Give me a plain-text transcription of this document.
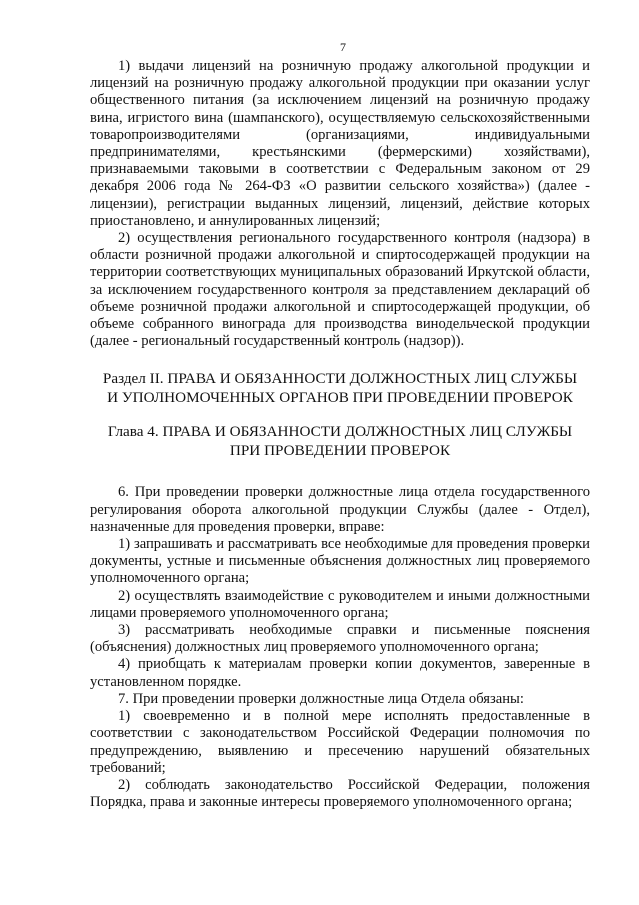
7

1) выдачи лицензий на розничную продажу алкогольной продукции и лицензий на розничную продажу алкогольной продукции при оказании услуг общественного питания (за исключением лицензий на розничную продажу вина, игристого вина (шампанского), осуществляемую сельскохозяйственными товаропроизводителями (организациями, индивидуальными предпринимателями, крестьянскими (фермерскими) хозяйствами), признаваемыми таковыми в соответствии с Федеральным законом от 29 декабря 2006 года № 264-ФЗ «О развитии сельского хозяйства») (далее - лицензии), регистрации выданных лицензий, лицензий, действие которых приостановлено, и аннулированных лицензий;

2) осуществления регионального государственного контроля (надзора) в области розничной продажи алкогольной и спиртосодержащей продукции на территории соответствующих муниципальных образований Иркутской области, за исключением государственного контроля за представлением деклараций об объеме розничной продажи алкогольной и спиртосодержащей продукции, об объеме собранного винограда для производства винодельческой продукции (далее - региональный государственный контроль (надзор)).

Раздел II. ПРАВА И ОБЯЗАННОСТИ ДОЛЖНОСТНЫХ ЛИЦ СЛУЖБЫ И УПОЛНОМОЧЕННЫХ ОРГАНОВ ПРИ ПРОВЕДЕНИИ ПРОВЕРОК
Глава 4. ПРАВА И ОБЯЗАННОСТИ ДОЛЖНОСТНЫХ ЛИЦ СЛУЖБЫ ПРИ ПРОВЕДЕНИИ ПРОВЕРОК

6. При проведении проверки должностные лица отдела государственного регулирования оборота алкогольной продукции Службы (далее - Отдел), назначенные для проведения проверки, вправе:

1) запрашивать и рассматривать все необходимые для проведения проверки документы, устные и письменные объяснения должностных лиц проверяемого уполномоченного органа;

2) осуществлять взаимодействие с руководителем и иными должностными лицами проверяемого уполномоченного органа;

3) рассматривать необходимые справки и письменные пояснения (объяснения) должностных лиц проверяемого уполномоченного органа;

4) приобщать к материалам проверки копии документов, заверенные в установленном порядке.

7. При проведении проверки должностные лица Отдела обязаны:

1) своевременно и в полной мере исполнять предоставленные в соответствии с законодательством Российской Федерации полномочия по предупреждению, выявлению и пресечению нарушений обязательных требований;

2) соблюдать законодательство Российской Федерации, положения Порядка, права и законные интересы проверяемого уполномоченного органа;
